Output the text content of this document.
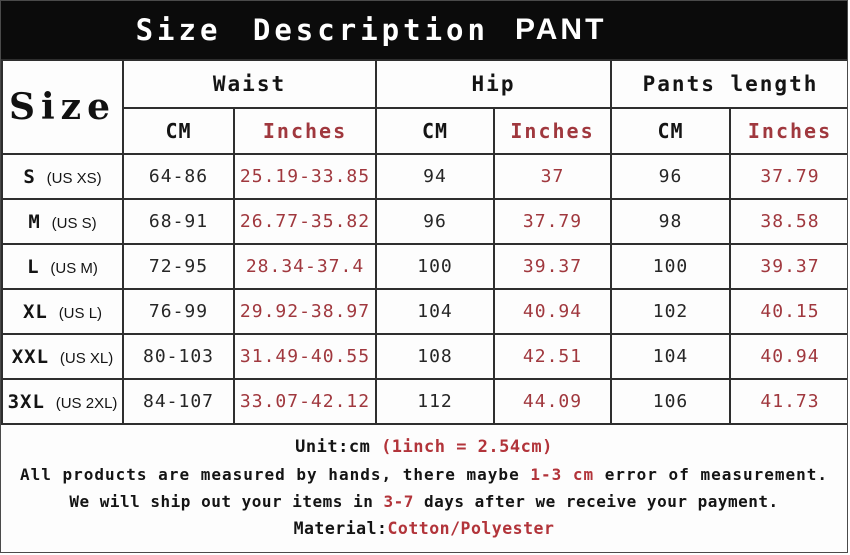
Size Description PANT
Size	Waist		Hip		Pants length	
	CM	Inches	CM	Inches	CM	Inches
S (US XS)	64-86	25.19-33.85	94	37	96	37.79
M (US S)	68-91	26.77-35.82	96	37.79	98	38.58
L (US M)	72-95	28.34-37.4	100	39.37	100	39.37
XL (US L)	76-99	29.92-38.97	104	40.94	102	40.15
XXL (US XL)	80-103	31.49-40.55	108	42.51	104	40.94
3XL (US 2XL)	84-107	33.07-42.12	112	44.09	106	41.73
Unit:cm (1inch = 2.54cm)
All products are measured by hands, there maybe 1-3 cm error of measurement.
We will ship out your items in 3-7 days after we receive your payment.
Material:Cotton/Polyester
